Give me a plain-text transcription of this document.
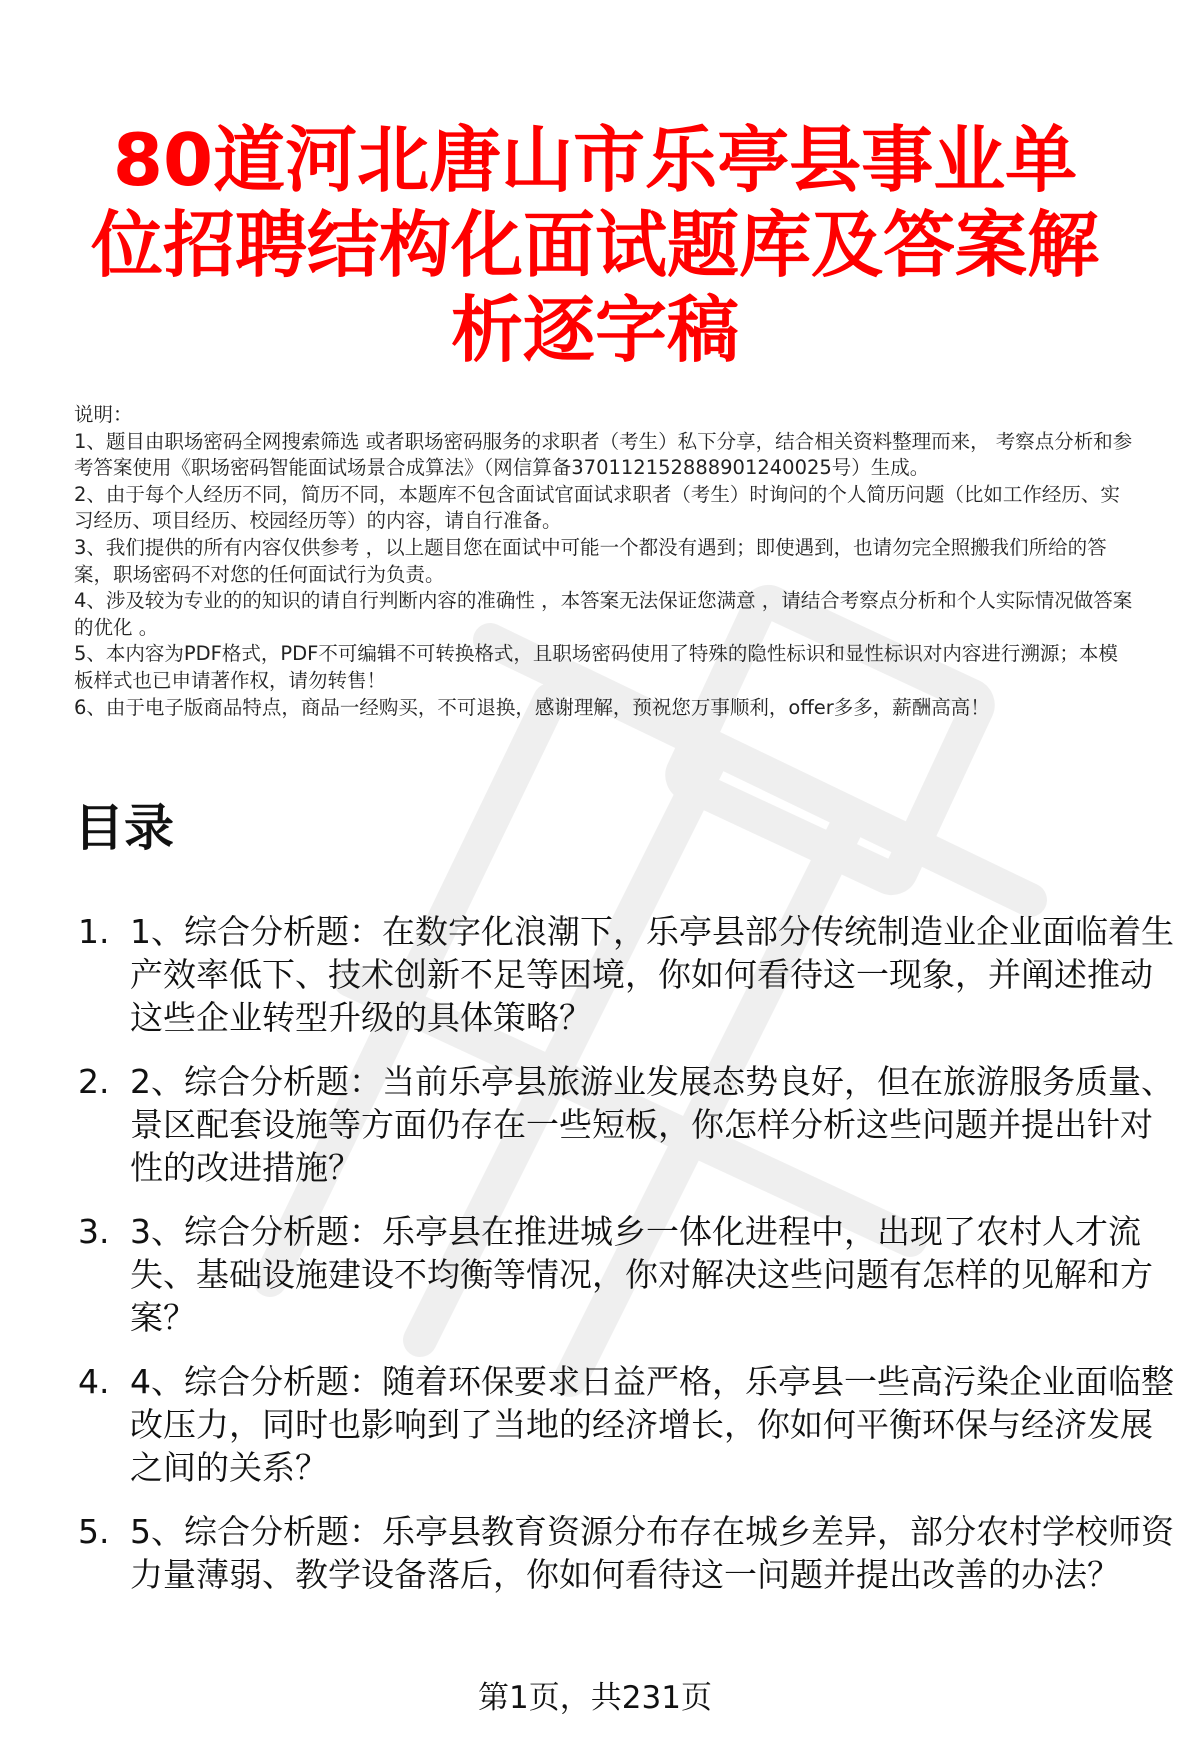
80道河北唐山市乐亭县事业单位招聘结构化面试题库及答案解析逐字稿

说明：

1、题目由职场密码全网搜索筛选 或者职场密码服务的求职者（考生）私下分享，结合相关资料整理而来， 考察点分析和参考答案使用《职场密码智能面试场景合成算法》（网信算备370112152888901240025号）生成。

2、由于每个人经历不同，简历不同，本题库不包含面试官面试求职者（考生）时询问的个人简历问题（比如工作经历、实习经历、项目经历、校园经历等）的内容，请自行准备。

3、我们提供的所有内容仅供参考 ，以上题目您在面试中可能一个都没有遇到；即使遇到，也请勿完全照搬我们所给的答案，职场密码不对您的任何面试行为负责。

4、涉及较为专业的的知识的请自行判断内容的准确性 ，本答案无法保证您满意 ，请结合考察点分析和个人实际情况做答案的优化 。

5、本内容为PDF格式，PDF不可编辑不可转换格式，且职场密码使用了特殊的隐性标识和显性标识对内容进行溯源；本模板样式也已申请著作权，请勿转售！

6、由于电子版商品特点，商品一经购买，不可退换，感谢理解，预祝您万事顺利，offer多多，薪酬高高！

目录
1. 1、综合分析题：在数字化浪潮下，乐亭县部分传统制造业企业面临着生产效率低下、技术创新不足等困境，你如何看待这一现象，并阐述推动这些企业转型升级的具体策略？
2. 2、综合分析题：当前乐亭县旅游业发展态势良好，但在旅游服务质量、景区配套设施等方面仍存在一些短板，你怎样分析这些问题并提出针对性的改进措施？
3. 3、综合分析题：乐亭县在推进城乡一体化进程中，出现了农村人才流失、基础设施建设不均衡等情况，你对解决这些问题有怎样的见解和方案？
4. 4、综合分析题：随着环保要求日益严格，乐亭县一些高污染企业面临整改压力，同时也影响到了当地的经济增长，你如何平衡环保与经济发展之间的关系？
5. 5、综合分析题：乐亭县教育资源分布存在城乡差异，部分农村学校师资力量薄弱、教学设备落后，你如何看待这一问题并提出改善的办法？
第1页，共231页
